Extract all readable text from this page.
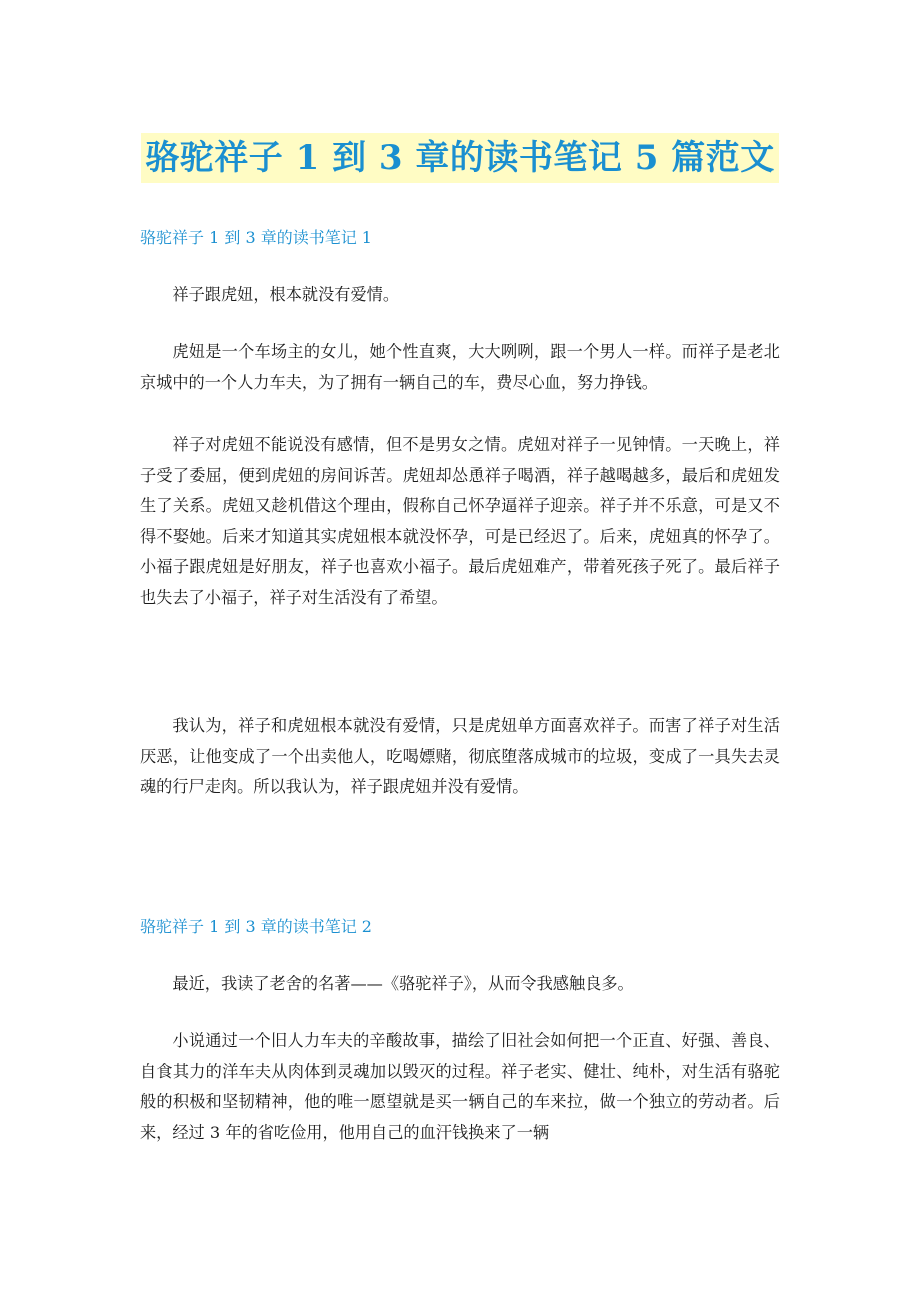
骆驼祥子 1 到 3 章的读书笔记 5 篇范文
骆驼祥子 1 到 3 章的读书笔记 1

祥子跟虎妞，根本就没有爱情。

虎妞是一个车场主的女儿，她个性直爽，大大咧咧，跟一个男人一样。而祥子是老北京城中的一个人力车夫，为了拥有一辆自己的车，费尽心血，努力挣钱。

祥子对虎妞不能说没有感情，但不是男女之情。虎妞对祥子一见钟情。一天晚上，祥子受了委屈，便到虎妞的房间诉苦。虎妞却怂恿祥子喝酒，祥子越喝越多，最后和虎妞发生了关系。虎妞又趁机借这个理由，假称自己怀孕逼祥子迎亲。祥子并不乐意，可是又不得不娶她。后来才知道其实虎妞根本就没怀孕，可是已经迟了。后来，虎妞真的怀孕了。小福子跟虎妞是好朋友，祥子也喜欢小福子。最后虎妞难产，带着死孩子死了。最后祥子也失去了小福子，祥子对生活没有了希望。

我认为，祥子和虎妞根本就没有爱情，只是虎妞单方面喜欢祥子。而害了祥子对生活厌恶，让他变成了一个出卖他人，吃喝嫖赌，彻底堕落成城市的垃圾，变成了一具失去灵魂的行尸走肉。所以我认为，祥子跟虎妞并没有爱情。

骆驼祥子 1 到 3 章的读书笔记 2

最近，我读了老舍的名著——《骆驼祥子》，从而令我感触良多。

小说通过一个旧人力车夫的辛酸故事，描绘了旧社会如何把一个正直、好强、善良、自食其力的洋车夫从肉体到灵魂加以毁灭的过程。祥子老实、健壮、纯朴，对生活有骆驼般的积极和坚韧精神，他的唯一愿望就是买一辆自己的车来拉，做一个独立的劳动者。后来，经过 3 年的省吃俭用，他用自己的血汗钱换来了一辆
